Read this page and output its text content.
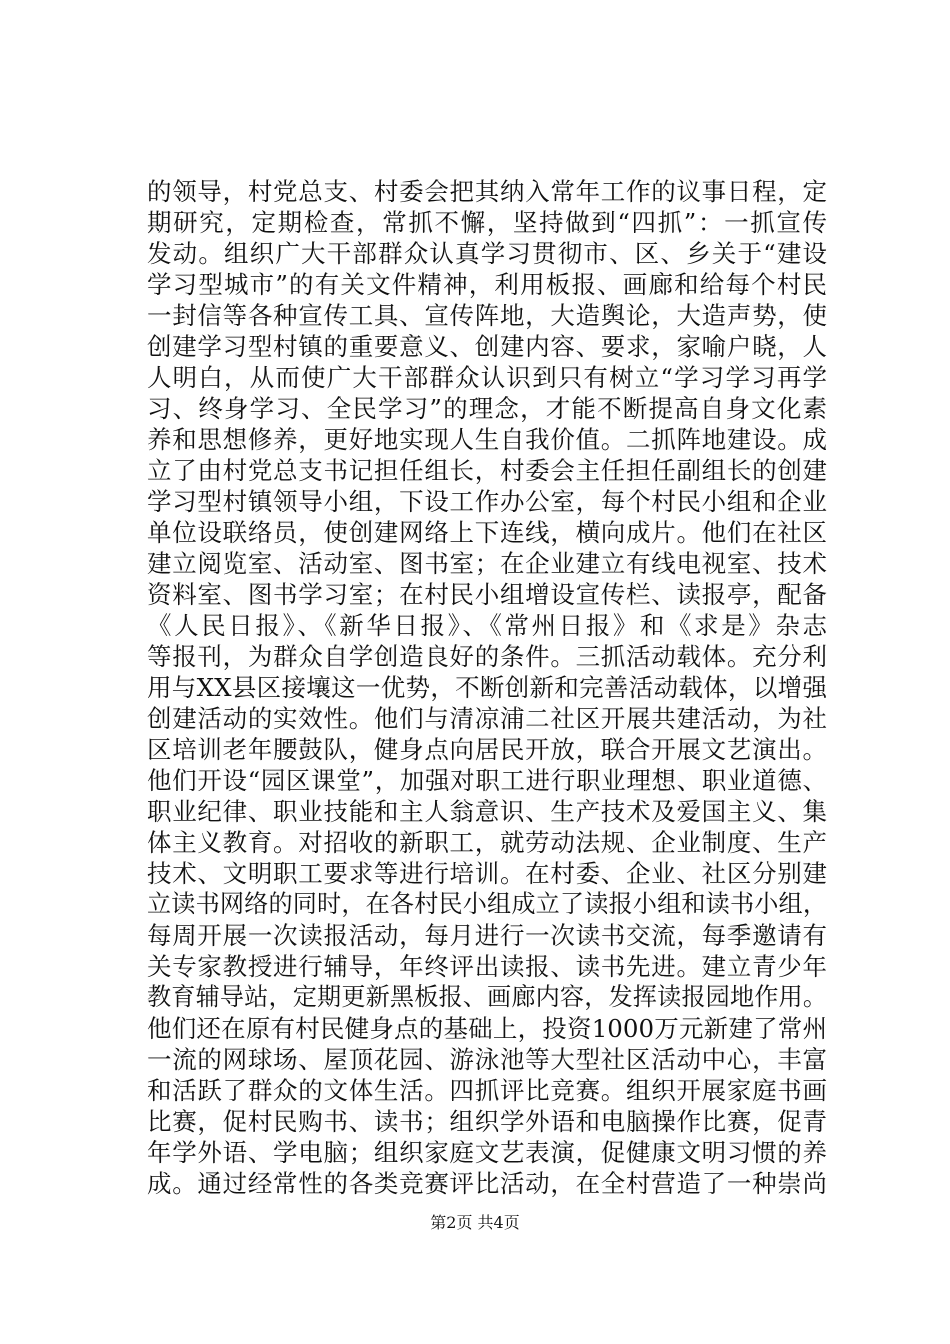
的领导，村党总支、村委会把其纳入常年工作的议事日程，定
期研究，定期检查，常抓不懈，坚持做到“四抓”：一抓宣传
发动。组织广大干部群众认真学习贯彻市、区、乡关于“建设
学习型城市”的有关文件精神，利用板报、画廊和给每个村民
一封信等各种宣传工具、宣传阵地，大造舆论，大造声势，使
创建学习型村镇的重要意义、创建内容、要求，家喻户晓，人
人明白，从而使广大干部群众认识到只有树立“学习学习再学
习、终身学习、全民学习”的理念，才能不断提高自身文化素
养和思想修养，更好地实现人生自我价值。二抓阵地建设。成
立了由村党总支书记担任组长，村委会主任担任副组长的创建
学习型村镇领导小组，下设工作办公室，每个村民小组和企业
单位设联络员，使创建网络上下连线，横向成片。他们在社区
建立阅览室、活动室、图书室；在企业建立有线电视室、技术
资料室、图书学习室；在村民小组增设宣传栏、读报亭，配备
《人民日报》、《新华日报》、《常州日报》和《求是》杂志
等报刊，为群众自学创造良好的条件。三抓活动载体。充分利
用与XX县区接壤这一优势，不断创新和完善活动载体，以增强
创建活动的实效性。他们与清凉浦二社区开展共建活动，为社
区培训老年腰鼓队，健身点向居民开放，联合开展文艺演出。
他们开设“园区课堂”，加强对职工进行职业理想、职业道德、
职业纪律、职业技能和主人翁意识、生产技术及爱国主义、集
体主义教育。对招收的新职工，就劳动法规、企业制度、生产
技术、文明职工要求等进行培训。在村委、企业、社区分别建
立读书网络的同时，在各村民小组成立了读报小组和读书小组，
每周开展一次读报活动，每月进行一次读书交流，每季邀请有
关专家教授进行辅导，年终评出读报、读书先进。建立青少年
教育辅导站，定期更新黑板报、画廊内容，发挥读报园地作用。
他们还在原有村民健身点的基础上，投资1000万元新建了常州
一流的网球场、屋顶花园、游泳池等大型社区活动中心，丰富
和活跃了群众的文体生活。四抓评比竞赛。组织开展家庭书画
比赛，促村民购书、读书；组织学外语和电脑操作比赛，促青
年学外语、学电脑；组织家庭文艺表演，促健康文明习惯的养
成。通过经常性的各类竞赛评比活动，在全村营造了一种崇尚
第2页 共4页
